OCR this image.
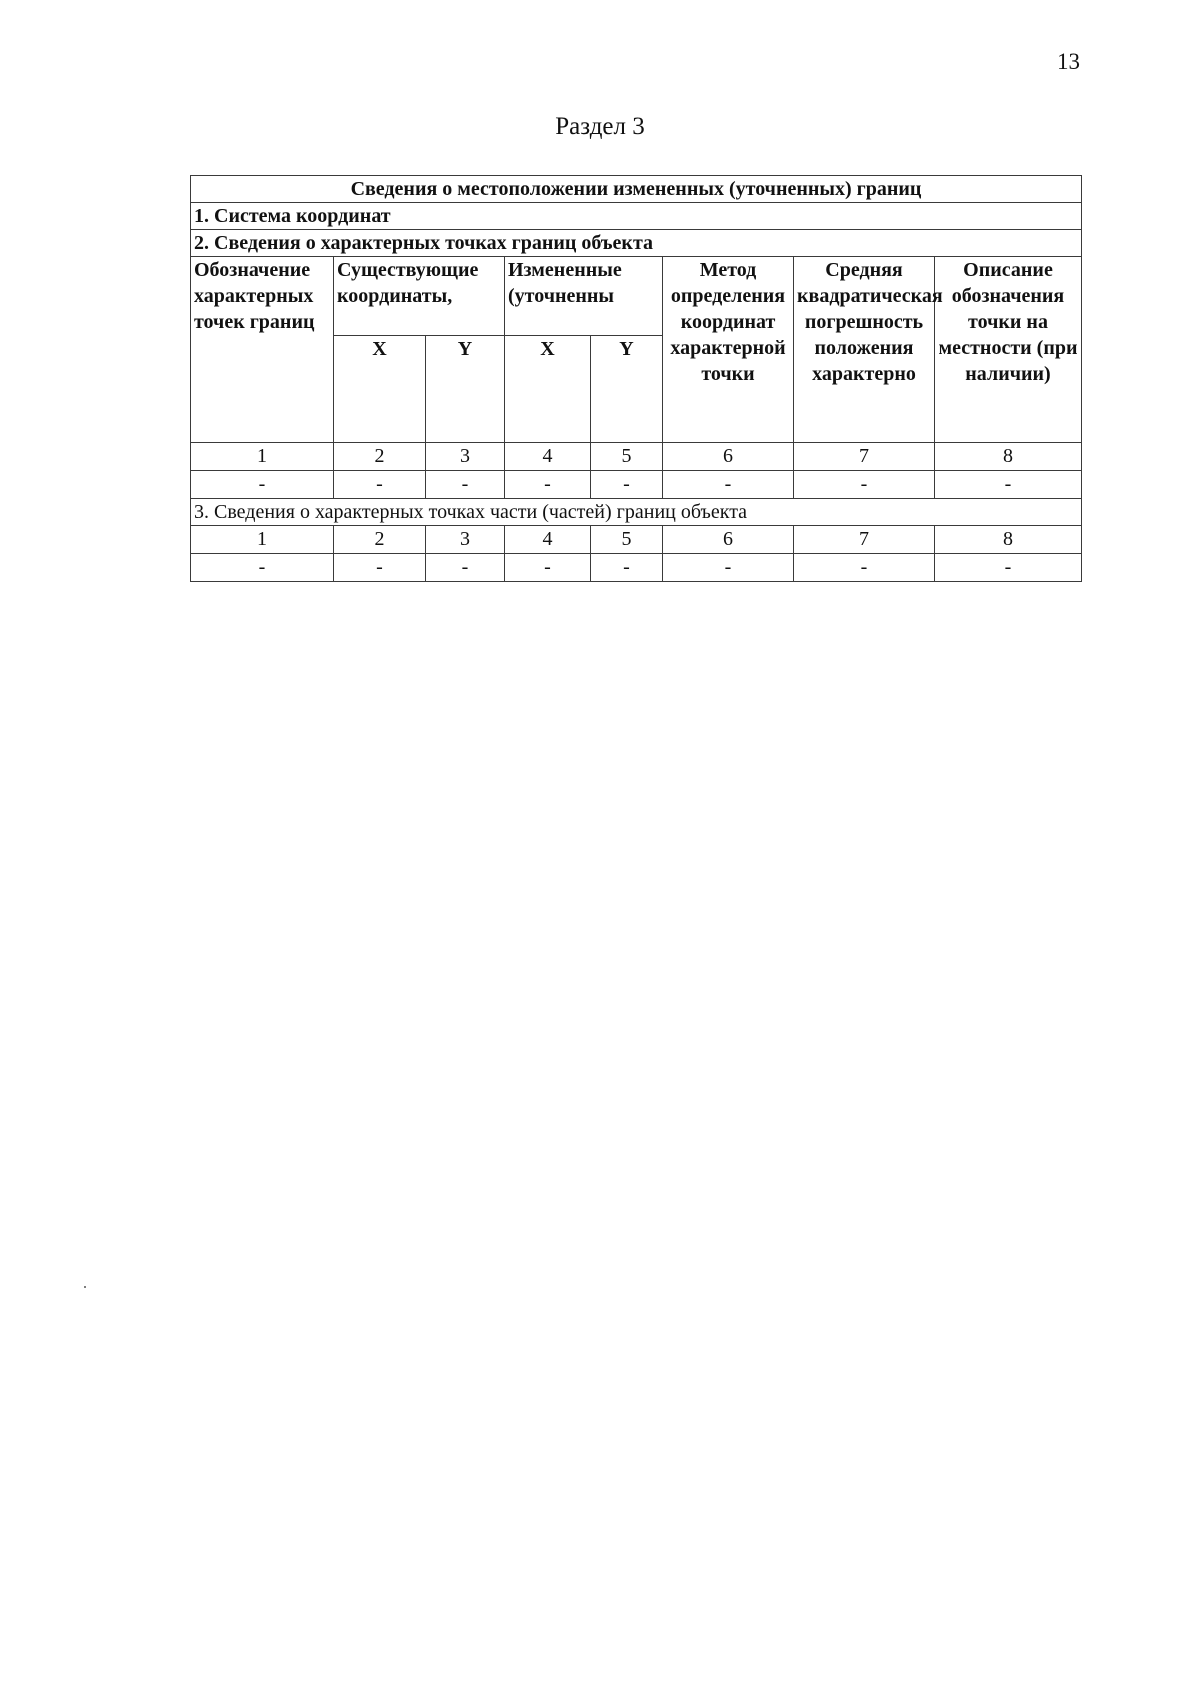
13
Раздел 3
Сведения о местоположении измененных (уточненных) границ							
1. Система координат							
2. Сведения о характерных точках границ объекта							
Обозначение характерных точек границ	Существующие координаты,		Измененные (уточненны		Метод определения координат характерной точки	Средняя квадратическая погрешность положения характерно	Описание обозначения точки на местности (при наличии)
	X	Y	X	Y			
1	2	3	4	5	6	7	8
-	-	-	-	-	-	-	-
3. Сведения о характерных точках части (частей) границ объекта							
1	2	3	4	5	6	7	8
-	-	-	-	-	-	-	-
